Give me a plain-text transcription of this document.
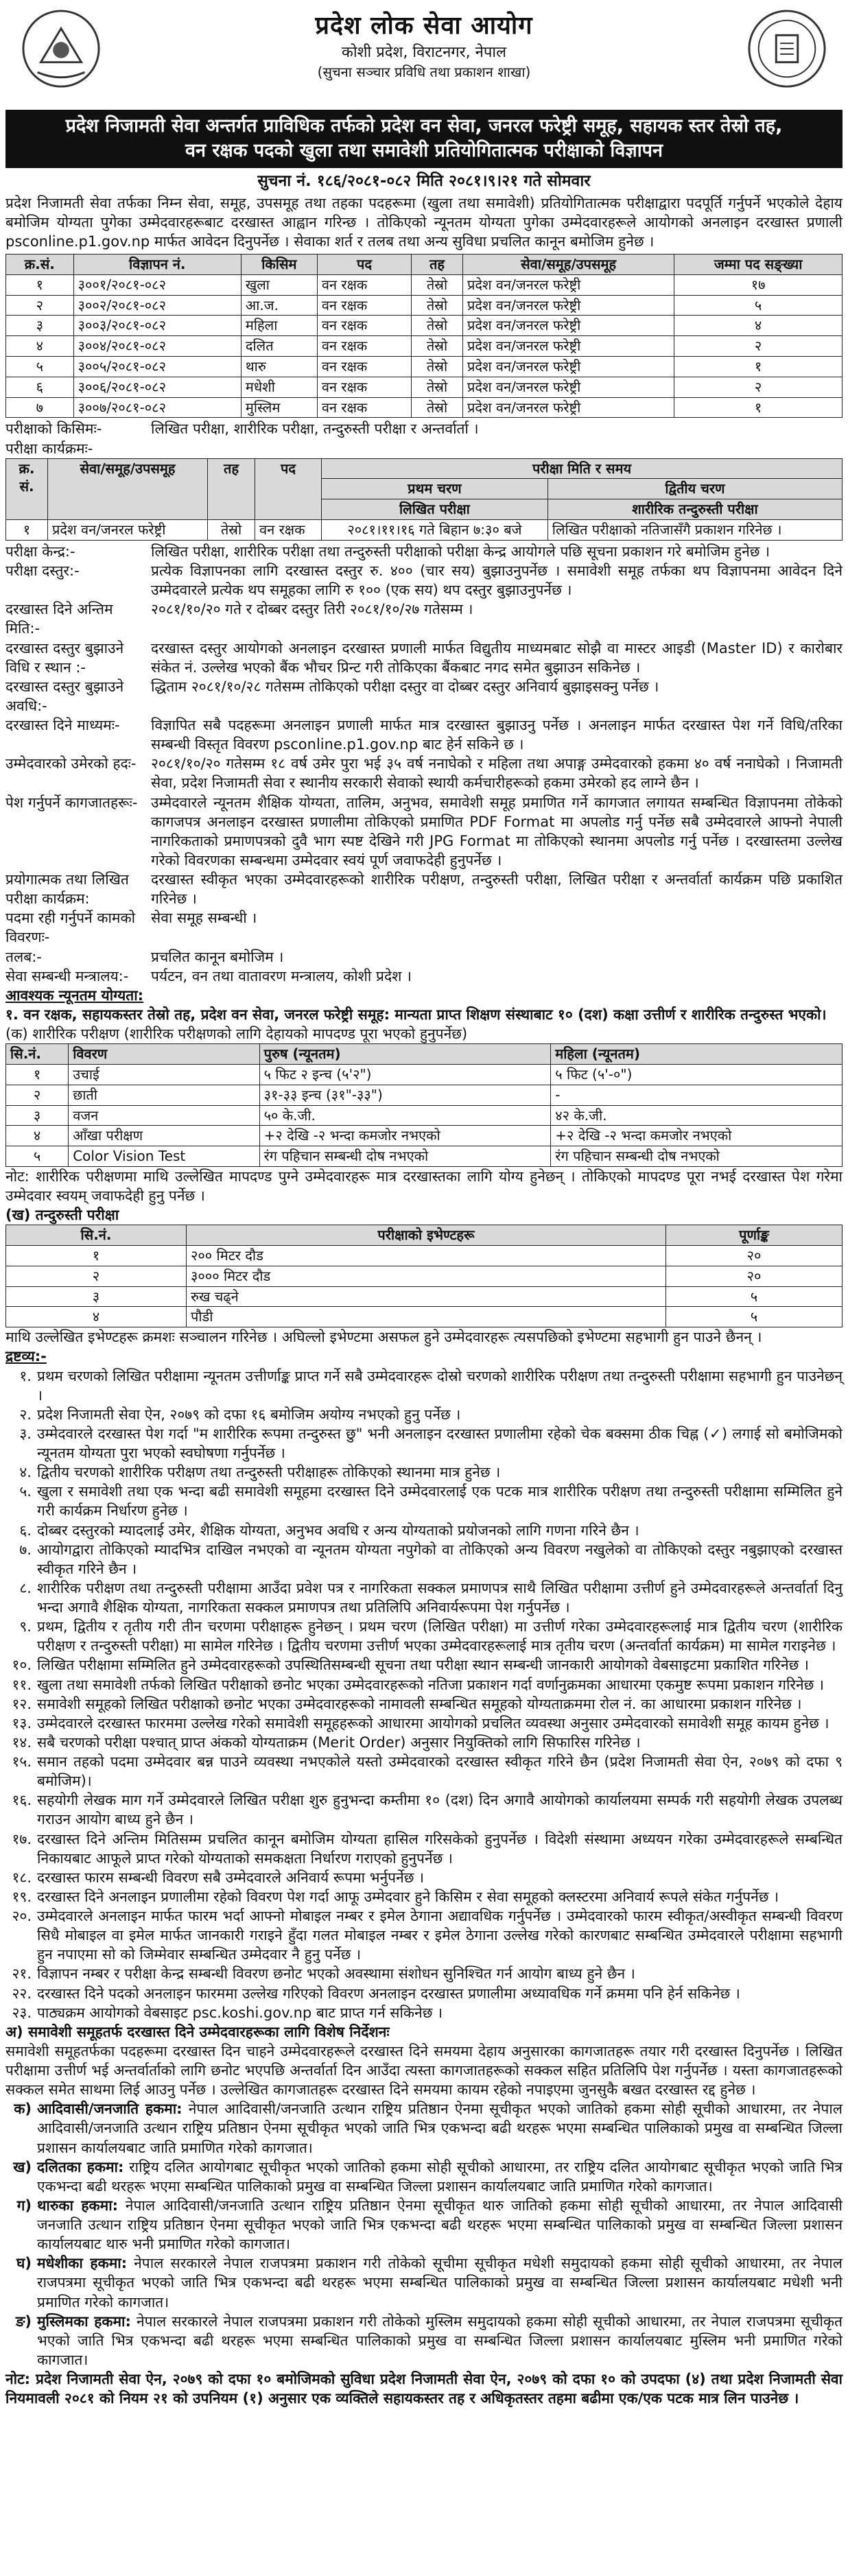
प्रदेश लोक सेवा आयोग
कोशी प्रदेश, विराटनगर, नेपाल
(सुचना सञ्चार प्रविधि तथा प्रकाशन शाखा)
प्रदेश निजामती सेवा अन्तर्गत प्राविधिक तर्फको प्रदेश वन सेवा, जनरल फरेष्ट्री समूह, सहायक स्तर तेस्रो तह,
वन रक्षक पदको खुला तथा समावेशी प्रतियोगितात्मक परीक्षाको विज्ञापन
सुचना नं. १८६/२०८१-०८२ मिति २०८१।९।२१ गते सोमवार

प्रदेश निजामती सेवा तर्फका निम्न सेवा, समूह, उपसमूह तथा तहका पदहरूमा (खुला तथा समावेशी) प्रतियोगितात्मक परीक्षाद्वारा पदपूर्ति गर्नुपर्ने भएकोले देहाय बमोजिम योग्यता पुगेका उम्मेदवारहरूबाट दरखास्त आह्वान गरिन्छ । तोकिएको न्यूनतम योग्यता पुगेका उम्मेदवारहरूले आयोगको अनलाइन दरखास्त प्रणाली psconline.p1.gov.np मार्फत आवेदन दिनुपर्नेछ । सेवाका शर्त र तलब तथा अन्य सुविधा प्रचलित कानून बमोजिम हुनेछ ।

क्र.सं.	विज्ञापन नं.	किसिम	पद	तह	सेवा/समूह/उपसमूह	जम्मा पद सङ्ख्या
१	३००१/२०८१-०८२	खुला	वन रक्षक	तेस्रो	प्रदेश वन/जनरल फरेष्ट्री	१७
२	३००२/२०८१-०८२	आ.ज.	वन रक्षक	तेस्रो	प्रदेश वन/जनरल फरेष्ट्री	५
३	३००३/२०८१-०८२	महिला	वन रक्षक	तेस्रो	प्रदेश वन/जनरल फरेष्ट्री	४
४	३००४/२०८१-०८२	दलित	वन रक्षक	तेस्रो	प्रदेश वन/जनरल फरेष्ट्री	२
५	३००५/२०८१-०८२	थारु	वन रक्षक	तेस्रो	प्रदेश वन/जनरल फरेष्ट्री	१
६	३००६/२०८१-०८२	मधेशी	वन रक्षक	तेस्रो	प्रदेश वन/जनरल फरेष्ट्री	२
७	३००७/२०८१-०८२	मुस्लिम	वन रक्षक	तेस्रो	प्रदेश वन/जनरल फरेष्ट्री	१
परीक्षाको किसिमः-	लिखित परीक्षा, शारीरिक परीक्षा, तन्दुरुस्ती परीक्षा र अन्तर्वार्ता ।
परीक्षा कार्यक्रमः-
क्र. सं.	सेवा/समूह/उपसमूह	तह	पद	परीक्षा मिति र समय	
				प्रथम चरण	द्वितीय चरण
				लिखित परीक्षा	शारीरिक तन्दुरुस्ती परीक्षा
१	प्रदेश वन/जनरल फरेष्ट्री	तेस्रो	वन रक्षक	२०८१।११।१६ गते बिहान ७:३० बजे	लिखित परीक्षाको नतिजासँगै प्रकाशन गरिनेछ ।
परीक्षा केन्द्र:-	लिखित परीक्षा, शारीरिक परीक्षा तथा तन्दुरुस्ती परीक्षाको परीक्षा केन्द्र आयोगले पछि सूचना प्रकाशन गरे बमोजिम हुनेछ ।
परीक्षा दस्तुर:-	प्रत्येक विज्ञापनका लागि दरखास्त दस्तुर रु. ४०० (चार सय) बुझाउनुपर्नेछ । समावेशी समूह तर्फका थप विज्ञापनमा आवेदन दिने उम्मेदवारले प्रत्येक थप समूहका लागि रु १०० (एक सय) थप दस्तुर बुझाउनुपर्नेछ ।
दरखास्त दिने अन्तिम मिति:-
२०८१/१०/२० गते र दोब्बर दस्तुर तिरी २०८१/१०/२७ गतेसम्म ।
दरखास्त दस्तुर बुझाउने विधि र स्थान :-
दरखास्त दस्तुर आयोगको अनलाइन दरखास्त प्रणाली मार्फत विद्युतीय माध्यमबाट सोझै वा मास्टर आइडी (Master ID) र कारोबार संकेत नं. उल्लेख भएको बैंक भौचर प्रिन्ट गरी तोकिएका बैंकबाट नगद समेत बुझाउन सकिनेछ ।
दरखास्त दस्तुर बुझाउने अवधि:-
द्धिताम २०८१/१०/२८ गतेसम्म तोकिएको परीक्षा दस्तुर वा दोब्बर दस्तुर अनिवार्य बुझाइसक्नु पर्नेछ ।
दरखास्त दिने माध्यमः-	विज्ञापित सबै पदहरूमा अनलाइन प्रणाली मार्फत मात्र दरखास्त बुझाउनु पर्नेछ । अनलाइन मार्फत दरखास्त पेश गर्ने विधि/तरिका सम्बन्धी विस्तृत विवरण psconline.p1.gov.np बाट हेर्न सकिने छ ।
उम्मेदवारको उमेरको हदः-	२०८१/१०/२० गतेसम्म १८ वर्ष उमेर पुरा भई ३५ वर्ष ननाघेको र महिला तथा अपाङ्ग उम्मेदवारको हकमा ४० वर्ष ननाघेको । निजामती सेवा, प्रदेश निजामती सेवा र स्थानीय सरकारी सेवाको स्थायी कर्मचारीहरूको हकमा उमेरको हद लाग्ने छैन ।
पेश गर्नुपर्ने कागजातहरूः- उम्मेदवारले न्यूनतम शैक्षिक योग्यता, तालिम, अनुभव, समावेशी समूह प्रमाणित गर्ने कागजात लगायत सम्बन्धित विज्ञापनमा तोकेको कागजपत्र अनलाइन दरखास्त प्रणालीमा तोकिएको प्रमाणित PDF Format मा अपलोड गर्नु पर्नेछ सबै उम्मेदवारले आफ्नो नेपाली नागरिकताको प्रमाणपत्रको दुवै भाग स्पष्ट देखिने गरी JPG Format मा तोकिएको स्थानमा अपलोड गर्नु पर्नेछ । दरखास्तमा उल्लेख गरेको विवरणका सम्बन्धमा उम्मेदवार स्वयं पूर्ण जवाफदेही हुनुपर्नेछ ।
प्रयोगात्मक तथा लिखित परीक्षा कार्यक्रम:
दरखास्त स्वीकृत भएका उम्मेदवारहरूको शारीरिक परीक्षण, तन्दुरुस्ती परीक्षा, लिखित परीक्षा र अन्तर्वार्ता कार्यक्रम पछि प्रकाशित गरिनेछ ।
पदमा रही गर्नुपर्ने कामको विवरणः-
सेवा समूह सम्बन्धी ।
तलब:-	प्रचलित कानून बमोजिम ।
सेवा सम्बन्धी मन्त्रालय:-	पर्यटन, वन तथा वातावरण मन्त्रालय, कोशी प्रदेश ।
आवश्यक न्यूनतम योग्यता:
१. वन रक्षक, सहायकस्तर तेस्रो तह, प्रदेश वन सेवा, जनरल फरेष्ट्री समूह: मान्यता प्राप्त शिक्षण संस्थाबाट १० (दश) कक्षा उत्तीर्ण र शारीरिक तन्दुरुस्त भएको।
(क) शारीरिक परीक्षण (शारीरिक परीक्षणको लागि देहायको मापदण्ड पूरा भएको हुनुपर्नेछ)
सि.नं.	विवरण	पुरुष (न्यूनतम)	महिला (न्यूनतम)
१	उचाई	५ फिट २ इन्च (५'२")	५ फिट (५'-०")
२	छाती	३१-३३ इन्च (३१"-३३")	-
३	वजन	५० के.जी.	४२ के.जी.
४	आँखा परीक्षण	+२ देखि -२ भन्दा कमजोर नभएको	+२ देखि -२ भन्दा कमजोर नभएको
५	Color Vision Test	रंग पहिचान सम्बन्धी दोष नभएको	रंग पहिचान सम्बन्धी दोष नभएको
नोट: शारीरिक परीक्षणमा माथि उल्लेखित मापदण्ड पुग्ने उम्मेदवारहरू मात्र दरखास्तका लागि योग्य हुनेछन् । तोकिएको मापदण्ड पूरा नभई दरखास्त पेश गरेमा उम्मेदवार स्वयम् जवाफदेही हुनु पर्नेछ ।
(ख) तन्दुरुस्ती परीक्षा
सि.नं.	परीक्षाको इभेण्टहरू	पूर्णाङ्क
१	२०० मिटर दौड	२०
२	३००० मिटर दौड	२०
३	रुख चढ्ने	५
४	पौडी	५
माथि उल्लेखित इभेण्टहरू क्रमशः सञ्चालन गरिनेछ । अघिल्लो इभेण्टमा असफल हुने उम्मेदवारहरू त्यसपछिको इभेण्टमा सहभागी हुन पाउने छैनन् ।
द्रष्टव्य:-
१. प्रथम चरणको लिखित परीक्षामा न्यूनतम उत्तीर्णाङ्क प्राप्त गर्ने सबै उम्मेदवारहरू दोस्रो चरणको शारीरिक परीक्षण तथा तन्दुरुस्ती परीक्षामा सहभागी हुन पाउनेछन् ।
२. प्रदेश निजामती सेवा ऐन, २०७९ को दफा १६ बमोजिम अयोग्य नभएको हुनु पर्नेछ ।
३. उम्मेदवारले दरखास्त पेश गर्दा "म शारीरिक रूपमा तन्दुरुस्त छु" भनी अनलाइन दरखास्त प्रणालीमा रहेको चेक बक्समा ठीक चिह्न (✓) लगाई सो बमोजिमको न्यूनतम योग्यता पुरा भएको स्वघोषणा गर्नुपर्नेछ ।
४. द्वितीय चरणको शारीरिक परीक्षण तथा तन्दुरुस्ती परीक्षाहरू तोकिएको स्थानमा मात्र हुनेछ ।
५. खुला र समावेशी तथा एक भन्दा बढी समावेशी समूहमा दरखास्त दिने उम्मेदवारलाई एक पटक मात्र शारीरिक परीक्षण तथा तन्दुरुस्ती परीक्षामा सम्मिलित हुने गरी कार्यक्रम निर्धारण हुनेछ ।
६. दोब्बर दस्तुरको म्यादलाई उमेर, शैक्षिक योग्यता, अनुभव अवधि र अन्य योग्यताको प्रयोजनको लागि गणना गरिने छैन ।
७. आयोगद्वारा तोकिएको म्यादभित्र दाखिल नभएको वा न्यूनतम योग्यता नपुगेको वा तोकिएको अन्य विवरण नखुलेको वा तोकिएको दस्तुर नबुझाएको दरखास्त स्वीकृत गरिने छैन ।
८. शारीरिक परीक्षण तथा तन्दुरुस्ती परीक्षामा आउँदा प्रवेश पत्र र नागरिकता सक्कल प्रमाणपत्र साथै लिखित परीक्षामा उत्तीर्ण हुने उम्मेदवारहरूले अन्तर्वार्ता दिनु भन्दा अगावै शैक्षिक योग्यता, नागरिकता सक्कल प्रमाणपत्र तथा प्रतिलिपि अनिवार्यरूपमा पेश गर्नुपर्नेछ ।
९. प्रथम, द्वितीय र तृतीय गरी तीन चरणमा परीक्षाहरू हुनेछन् । प्रथम चरण (लिखित परीक्षा) मा उत्तीर्ण गरेका उम्मेदवारहरूलाई मात्र द्वितीय चरण (शारीरिक परीक्षण र तन्दुरुस्ती परीक्षा) मा सामेल गरिनेछ । द्वितीय चरणमा उत्तीर्ण भएका उम्मेदवारहरूलाई मात्र तृतीय चरण (अन्तर्वार्ता कार्यक्रम) मा सामेल गराइनेछ ।
१०. लिखित परीक्षामा सम्मिलित हुने उम्मेदवारहरूको उपस्थितिसम्बन्धी सूचना तथा परीक्षा स्थान सम्बन्धी जानकारी आयोगको वेबसाइटमा प्रकाशित गरिनेछ ।
११. खुला तथा समावेशी तर्फको लिखित परीक्षाको छनोट भएका उम्मेदवारहरूको नतिजा प्रकाशन गर्दा वर्णानुक्रमका आधारमा एकमुष्ट रूपमा प्रकाशन गरिनेछ ।
१२. समावेशी समूहको लिखित परीक्षाको छनोट भएका उम्मेदवारहरूको नामावली सम्बन्धित समूहको योग्यताक्रममा रोल नं. का आधारमा प्रकाशन गरिनेछ ।
१३. उम्मेदवारले दरखास्त फारममा उल्लेख गरेको समावेशी समूहहरूको आधारमा आयोगको प्रचलित व्यवस्था अनुसार उम्मेदवारको समावेशी समूह कायम हुनेछ ।
१४. सबै चरणको परीक्षा पश्चात् प्राप्त अंकको योग्यताक्रम (Merit Order) अनुसार नियुक्तिको लागि सिफारिस गरिनेछ ।
१५. समान तहको पदमा उम्मेदवार बन्न पाउने व्यवस्था नभएकोले यस्तो उम्मेदवारको दरखास्त स्वीकृत गरिने छैन (प्रदेश निजामती सेवा ऐन, २०७९ को दफा ९ बमोजिम)।
१६. सहयोगी लेखक माग गर्ने उम्मेदवारले लिखित परीक्षा शुरु हुनुभन्दा कम्तीमा १० (दश) दिन अगावै आयोगको कार्यालयमा सम्पर्क गरी सहयोगी लेखक उपलब्ध गराउन आयोग बाध्य हुने छैन ।
१७. दरखास्त दिने अन्तिम मितिसम्म प्रचलित कानून बमोजिम योग्यता हासिल गरिसकेको हुनुपर्नेछ । विदेशी संस्थामा अध्ययन गरेका उम्मेदवारहरूले सम्बन्धित निकायबाट आफूले प्राप्त गरेको योग्यताको समकक्षता निर्धारण गराएको हुनुपर्नेछ ।
१८. दरखास्त फारम सम्बन्धी विवरण सबै उम्मेदवारले अनिवार्य रूपमा भर्नुपर्नेछ ।
१९. दरखास्त दिने अनलाइन प्रणालीमा रहेको विवरण पेश गर्दा आफू उम्मेदवार हुने किसिम र सेवा समूहको क्लस्टरमा अनिवार्य रूपले संकेत गर्नुपर्नेछ ।
२०. उम्मेदवारले अनलाइन मार्फत फारम भर्दा आफ्नो मोबाइल नम्बर र इमेल ठेगाना अद्यावधिक गर्नुपर्नेछ । उम्मेदवारको फारम स्वीकृत/अस्वीकृत सम्बन्धी विवरण सिधै मोबाइल वा इमेल मार्फत जानकारी गराइने हुँदा गलत मोबाइल नम्बर र इमेल ठेगाना उल्लेख गरेको कारणबाट सम्बन्धित उम्मेदवारले परीक्षामा सहभागी हुन नपाएमा सो को जिम्मेवार सम्बन्धित उम्मेदवार नै हुनु पर्नेछ ।
२१. विज्ञापन नम्बर र परीक्षा केन्द्र सम्बन्धी विवरण छनोट भएको अवस्थामा संशोधन सुनिश्चित गर्न आयोग बाध्य हुने छैन ।
२२. दरखास्त दिने पदको अनलाइन फारममा उल्लेख गरिएको विवरण अनलाइन दरखास्त प्रणालीमा अध्यावधिक गर्ने क्रममा पनि हेर्न सकिनेछ ।
२३. पाठ्यक्रम आयोगको वेबसाइट psc.koshi.gov.np बाट प्राप्त गर्न सकिनेछ ।
अ) समावेशी समूहतर्फ दरखास्त दिने उम्मेदवारहरूका लागि विशेष निर्देशनः
समावेशी समूहतर्फका पदहरूमा दरखास्त दिन चाहने उम्मेदवारहरूले दरखास्त दिने समयमा देहाय अनुसारका कागजातहरू तयार गरी दरखास्त दिनुपर्नेछ । लिखित परीक्षामा उत्तीर्ण भई अन्तर्वार्ताको लागि छनोट भएपछि अन्तर्वार्ता दिन आउँदा त्यस्ता कागजातहरूको सक्कल सहित प्रतिलिपि पेश गर्नुपर्नेछ । यस्ता कागजातहरूको सक्कल समेत साथमा लिई आउनु पर्नेछ । उल्लेखित कागजातहरू दरखास्त दिने समयमा कायम रहेको नपाइएमा जुनसुकै बखत दरखास्त रद्द हुनेछ ।
क) आदिवासी/जनजाति हकमा: नेपाल आदिवासी/जनजाति उत्थान राष्ट्रिय प्रतिष्ठान ऐनमा सूचीकृत भएको जातिको हकमा सोही सूचीको आधारमा, तर नेपाल आदिवासी/जनजाति उत्थान राष्ट्रिय प्रतिष्ठान ऐनमा सूचीकृत भएको जाति भित्र एकभन्दा बढी थरहरू भएमा सम्बन्धित पालिकाको प्रमुख वा सम्बन्धित जिल्ला प्रशासन कार्यालयबाट जाति प्रमाणित गरेको कागजात।
ख) दलितका हकमा: राष्ट्रिय दलित आयोगबाट सूचीकृत भएको जातिको हकमा सोही सूचीको आधारमा, तर राष्ट्रिय दलित आयोगबाट सूचीकृत भएको जाति भित्र एकभन्दा बढी थरहरू भएमा सम्बन्धित पालिकाको प्रमुख वा सम्बन्धित जिल्ला प्रशासन कार्यालयबाट जाति प्रमाणित गरेको कागजात।
ग) थारुका हकमा: नेपाल आदिवासी/जनजाति उत्थान राष्ट्रिय प्रतिष्ठान ऐनमा सूचीकृत थारु जातिको हकमा सोही सूचीको आधारमा, तर नेपाल आदिवासी जनजाति उत्थान राष्ट्रिय प्रतिष्ठान ऐनमा सूचीकृत भएको जाति भित्र एकभन्दा बढी थरहरू भएमा सम्बन्धित पालिकाको प्रमुख वा सम्बन्धित जिल्ला प्रशासन कार्यालयबाट थारु भनी प्रमाणित गरेको कागजात।
घ) मधेशीका हकमा: नेपाल सरकारले नेपाल राजपत्रमा प्रकाशन गरी तोकेको सूचीमा सूचीकृत मधेशी समुदायको हकमा सोही सूचीको आधारमा, तर नेपाल राजपत्रमा सूचीकृत भएको जाति भित्र एकभन्दा बढी थरहरू भएमा सम्बन्धित पालिकाको प्रमुख वा सम्बन्धित जिल्ला प्रशासन कार्यालयबाट मधेशी भनी प्रमाणित गरेको कागजात।
ङ) मुस्लिमका हकमा: नेपाल सरकारले नेपाल राजपत्रमा प्रकाशन गरी तोकेको मुस्लिम समुदायको हकमा सोही सूचीको आधारमा, तर नेपाल राजपत्रमा सूचीकृत भएको जाति भित्र एकभन्दा बढी थरहरू भएमा सम्बन्धित पालिकाको प्रमुख वा सम्बन्धित जिल्ला प्रशासन कार्यालयबाट मुस्लिम भनी प्रमाणित गरेको कागजात।
नोट: प्रदेश निजामती सेवा ऐन, २०७९ को दफा १० बमोजिमको सुविधा प्रदेश निजामती सेवा ऐन, २०७९ को दफा १० को उपदफा (४) तथा प्रदेश निजामती सेवा नियमावली २०८१ को नियम २१ को उपनियम (१) अनुसार एक व्यक्तिले सहायकस्तर तह र अधिकृतस्तर तहमा बढीमा एक/एक पटक मात्र लिन पाउनेछ ।
